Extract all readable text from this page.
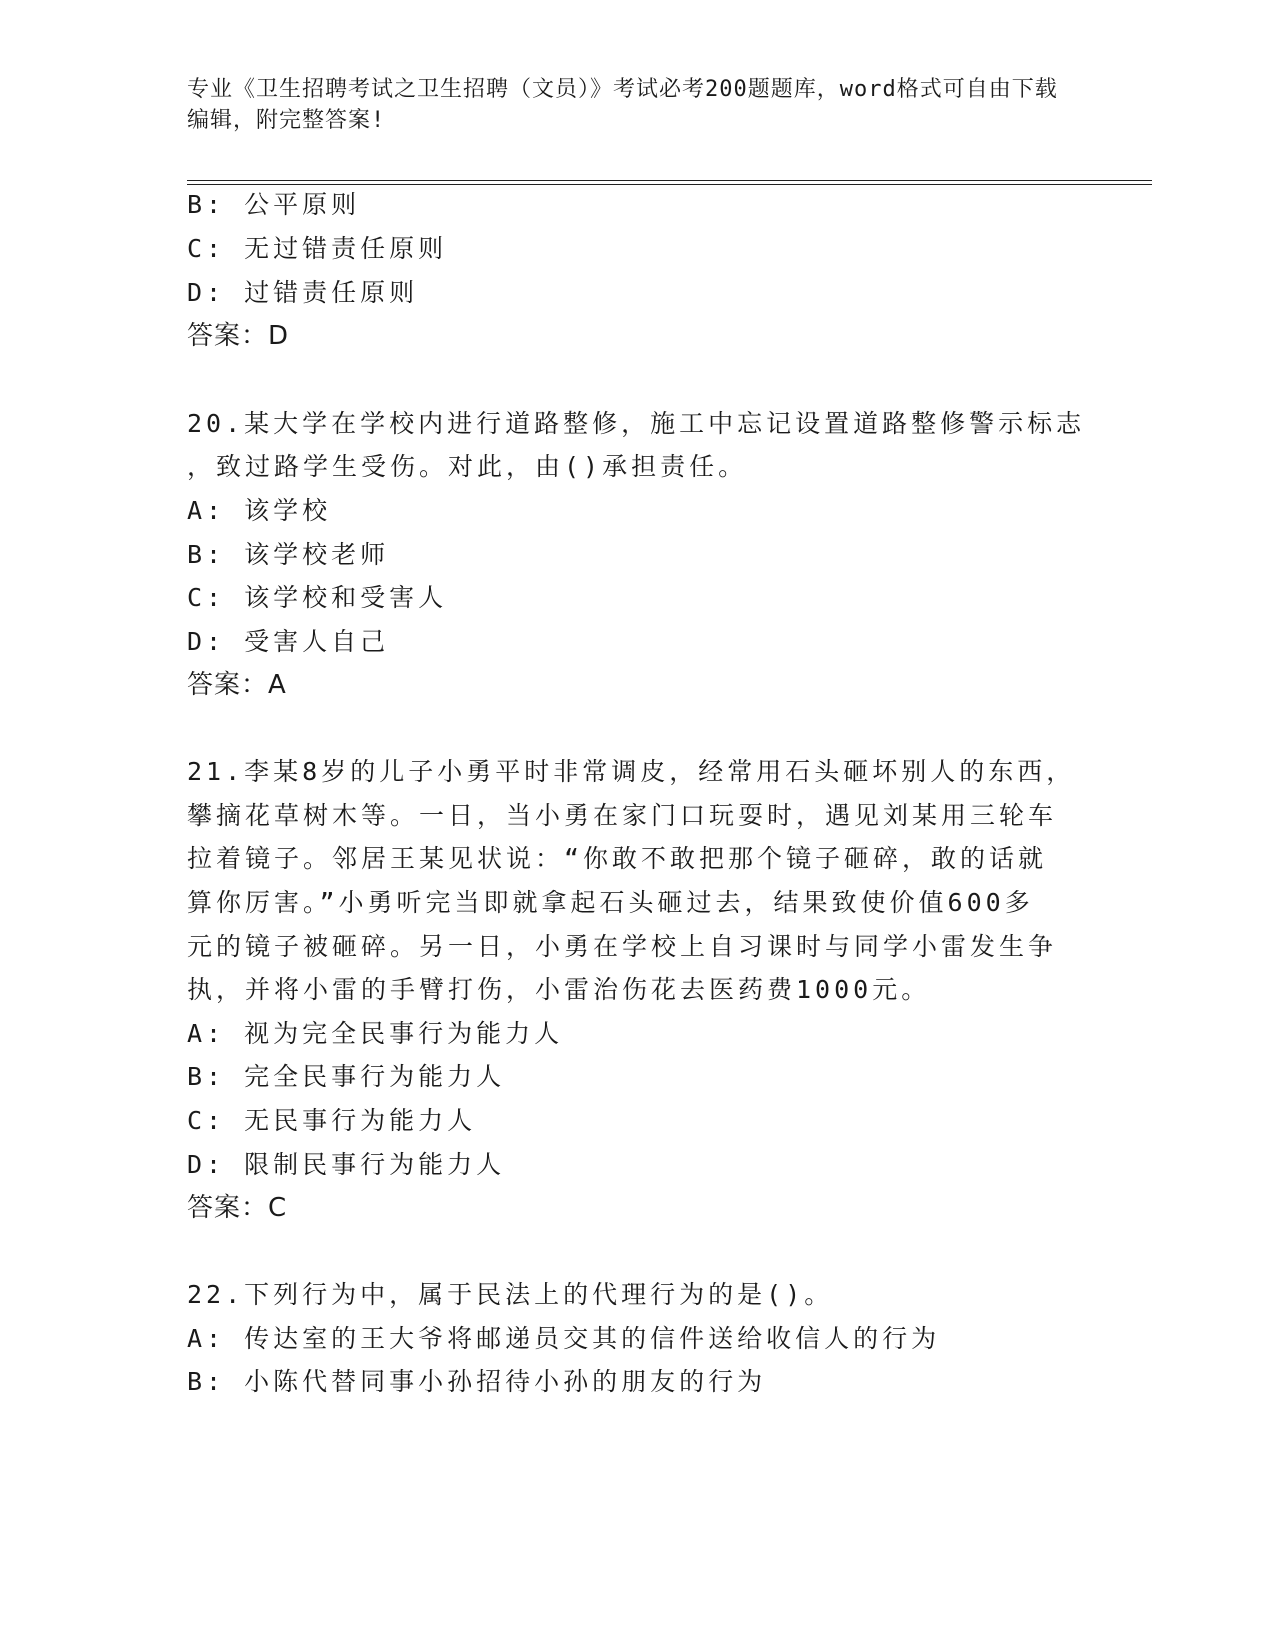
专业《卫生招聘考试之卫生招聘（文员）》考试必考200题题库，word格式可自由下载编辑，附完整答案!

B: 公平原则

C: 无过错责任原则

D: 过错责任原则

答案：D

20.某大学在学校内进行道路整修，施工中忘记设置道路整修警示标志

，致过路学生受伤。对此，由()承担责任。

A: 该学校

B: 该学校老师

C: 该学校和受害人

D: 受害人自己

答案：A

21.李某8岁的儿子小勇平时非常调皮，经常用石头砸坏别人的东西，

攀摘花草树木等。一日，当小勇在家门口玩耍时，遇见刘某用三轮车

拉着镜子。邻居王某见状说：“你敢不敢把那个镜子砸碎，敢的话就

算你厉害。”小勇听完当即就拿起石头砸过去，结果致使价值600多

元的镜子被砸碎。另一日，小勇在学校上自习课时与同学小雷发生争

执，并将小雷的手臂打伤，小雷治伤花去医药费1000元。

A: 视为完全民事行为能力人

B: 完全民事行为能力人

C: 无民事行为能力人

D: 限制民事行为能力人

答案：C

22.下列行为中，属于民法上的代理行为的是()。

A: 传达室的王大爷将邮递员交其的信件送给收信人的行为

B: 小陈代替同事小孙招待小孙的朋友的行为
